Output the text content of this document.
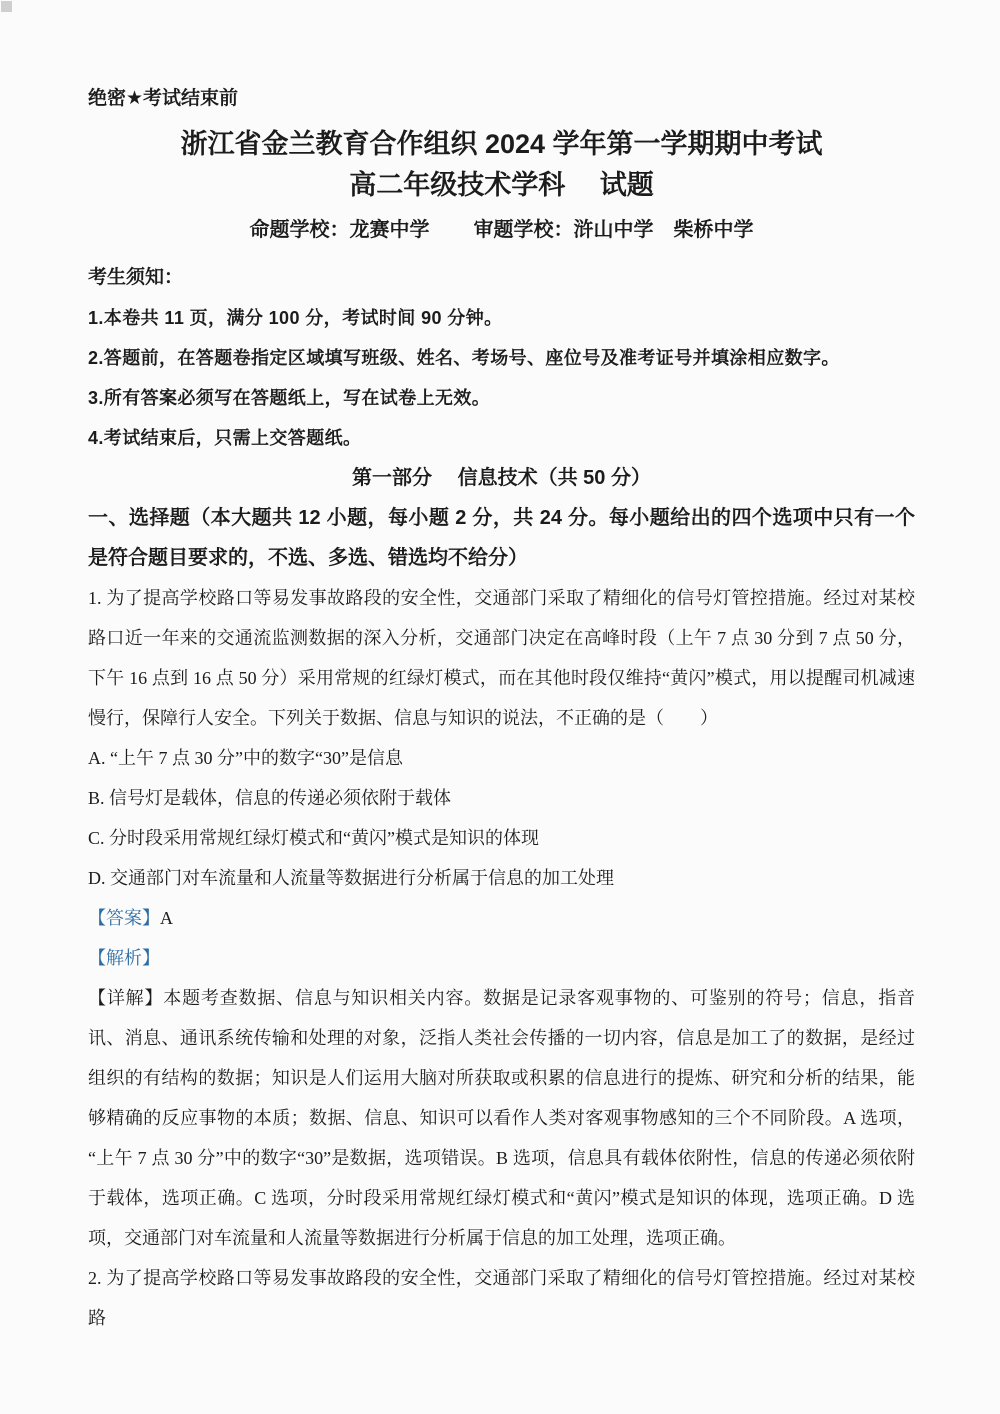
绝密★考试结束前
浙江省金兰教育合作组织 2024 学年第一学期期中考试
高二年级技术学科　 试题
命题学校：龙赛中学 审题学校：浒山中学　柴桥中学
考生须知：
1.本卷共 11 页，满分 100 分，考试时间 90 分钟。
2.答题前，在答题卷指定区域填写班级、姓名、考场号、座位号及准考证号并填涂相应数字。
3.所有答案必须写在答题纸上，写在试卷上无效。
4.考试结束后，只需上交答题纸。
第一部分　 信息技术（共 50 分）
一、选择题（本大题共 12 小题，每小题 2 分，共 24 分。每小题给出的四个选项中只有一个是符合题目要求的，不选、多选、错选均不给分）

1. 为了提高学校路口等易发事故路段的安全性，交通部门采取了精细化的信号灯管控措施。经过对某校路口近一年来的交通流监测数据的深入分析，交通部门决定在高峰时段（上午 7 点 30 分到 7 点 50 分，下午 16 点到 16 点 50 分）采用常规的红绿灯模式，而在其他时段仅维持“黄闪”模式，用以提醒司机减速慢行，保障行人安全。下列关于数据、信息与知识的说法，不正确的是（　　）

A. “上午 7 点 30 分”中的数字“30”是信息
B. 信号灯是载体，信息的传递必须依附于载体
C. 分时段采用常规红绿灯模式和“黄闪”模式是知识的体现
D. 交通部门对车流量和人流量等数据进行分析属于信息的加工处理
【答案】A
【解析】

【详解】本题考查数据、信息与知识相关内容。数据是记录客观事物的、可鉴别的符号；信息，指音讯、消息、通讯系统传输和处理的对象，泛指人类社会传播的一切内容，信息是加工了的数据，是经过组织的有结构的数据；知识是人们运用大脑对所获取或积累的信息进行的提炼、研究和分析的结果，能够精确的反应事物的本质；数据、信息、知识可以看作人类对客观事物感知的三个不同阶段。A 选项，“上午 7 点 30 分”中的数字“30”是数据，选项错误。B 选项，信息具有载体依附性，信息的传递必须依附于载体，选项正确。C 选项，分时段采用常规红绿灯模式和“黄闪”模式是知识的体现，选项正确。D 选项，交通部门对车流量和人流量等数据进行分析属于信息的加工处理，选项正确。

2. 为了提高学校路口等易发事故路段的安全性，交通部门采取了精细化的信号灯管控措施。经过对某校路
